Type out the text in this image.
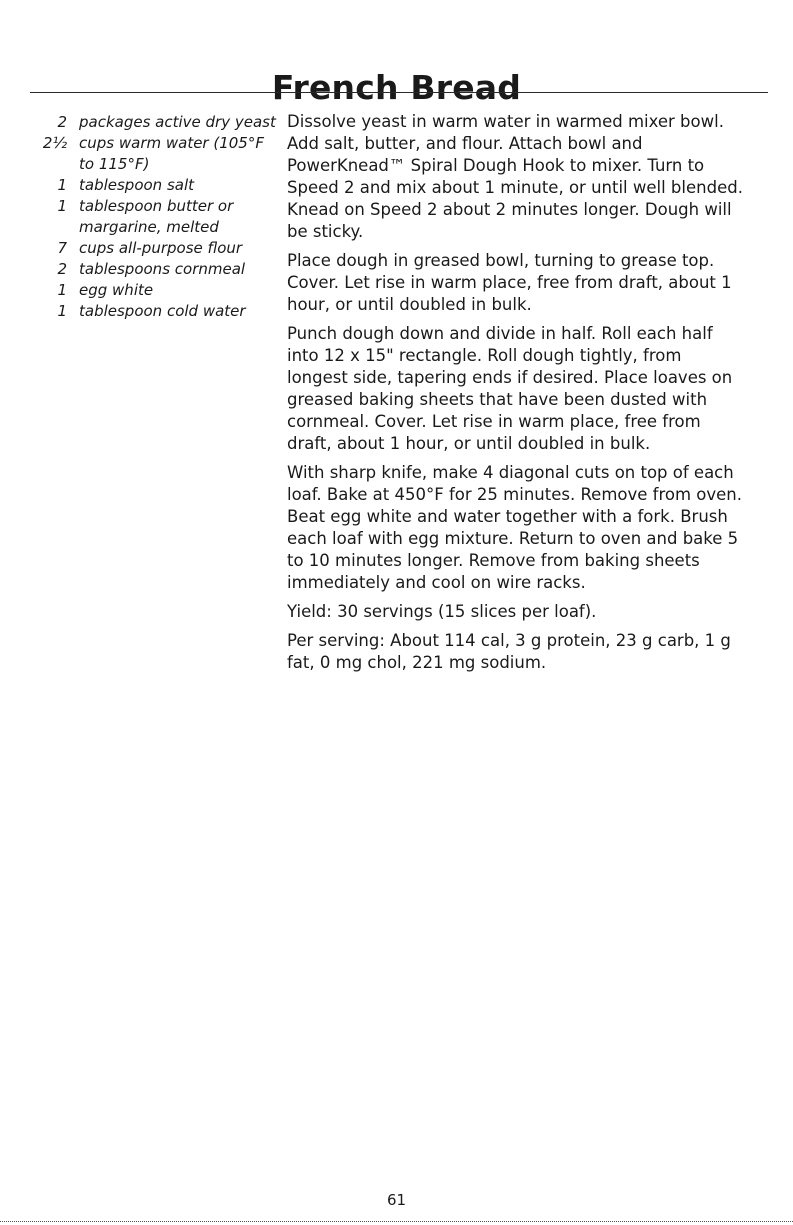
French Bread
2 packages active dry yeast
2½ cups warm water (105°F to 115°F)
1 tablespoon salt
1 tablespoon butter or margarine, melted
7 cups all-purpose flour
2 tablespoons cornmeal
1 egg white
1 tablespoon cold water

Dissolve yeast in warm water in warmed mixer bowl. Add salt, butter, and flour. Attach bowl and PowerKnead™ Spiral Dough Hook to mixer. Turn to Speed 2 and mix about 1 minute, or until well blended. Knead on Speed 2 about 2 minutes longer. Dough will be sticky.

Place dough in greased bowl, turning to grease top. Cover. Let rise in warm place, free from draft, about 1 hour, or until doubled in bulk.

Punch dough down and divide in half. Roll each half into 12 x 15" rectangle. Roll dough tightly, from longest side, tapering ends if desired. Place loaves on greased baking sheets that have been dusted with cornmeal. Cover. Let rise in warm place, free from draft, about 1 hour, or until doubled in bulk.

With sharp knife, make 4 diagonal cuts on top of each loaf. Bake at 450°F for 25 minutes. Remove from oven. Beat egg white and water together with a fork. Brush each loaf with egg mixture. Return to oven and bake 5 to 10 minutes longer. Remove from baking sheets immediately and cool on wire racks.

Yield: 30 servings (15 slices per loaf).

Per serving: About 114 cal, 3 g protein, 23 g carb, 1 g fat, 0 mg chol, 221 mg sodium.

61
